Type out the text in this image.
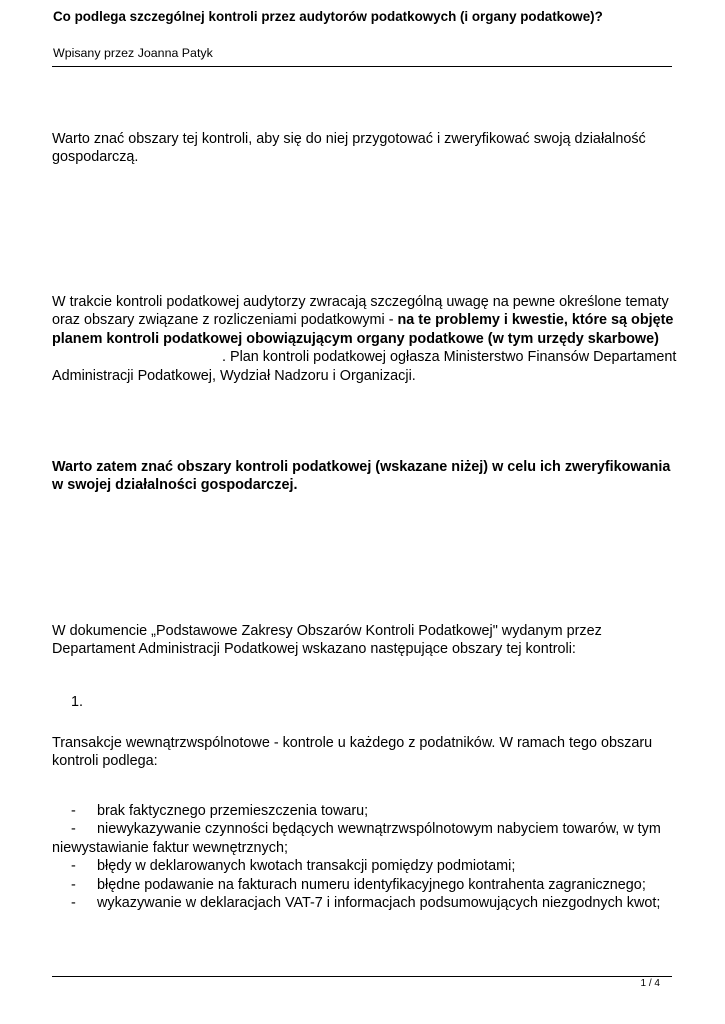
Co podlega szczególnej kontroli przez audytorów podatkowych (i organy podatkowe)?
Wpisany przez Joanna Patyk

Warto znać obszary tej kontroli, aby się do niej przygotować i zweryfikować swoją działalność gospodarczą.

W trakcie kontroli podatkowej audytorzy zwracają szczególną uwagę na pewne określone tematy oraz obszary związane z rozliczeniami podatkowymi - na te problemy i kwestie, które są objęte planem kontroli podatkowej obowiązującym organy podatkowe (w tym urzędy skarbowe). Plan kontroli podatkowej ogłasza Ministerstwo Finansów Departament Administracji Podatkowej, Wydział Nadzoru i Organizacji.

Warto zatem znać obszary kontroli podatkowej (wskazane niżej) w celu ich zweryfikowania w swojej działalności gospodarczej.

W dokumencie „Podstawowe Zakresy Obszarów Kontroli Podatkowej" wydanym przez Departament Administracji Podatkowej wskazano następujące obszary tej kontroli:

1.

Transakcje wewnątrzwspólnotowe - kontrole u każdego z podatników. W ramach tego obszaru kontroli podlega:

- brak faktycznego przemieszczenia towaru;
- niewykazywanie czynności będących wewnątrzwspólnotowym nabyciem towarów, w tym niewystawianie faktur wewnętrznych;
- błędy w deklarowanych kwotach transakcji pomiędzy podmiotami;
- błędne podawanie na fakturach numeru identyfikacyjnego kontrahenta zagranicznego;
- wykazywanie w deklaracjach VAT-7 i informacjach podsumowujących niezgodnych kwot;
1 / 4
